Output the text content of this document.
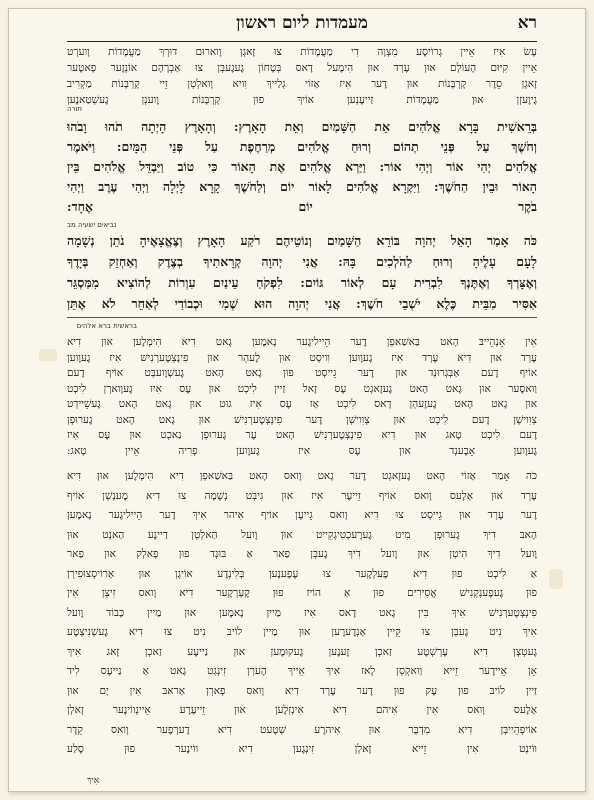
מעמדות ליום ראשון	רא
עָשׂ אִיז אֵיין גְרוֹיסֶע מִצְוָה דִי מַעֲמָדוֹת צוּ זָאגְן וָוארוּם דוּרְךְ מַעֲמָדוֹת וָוערְט
אֵיין קִיּוּם הָעוֹלָם אוּן עֶרְד אוּן הִימֶעל דָאס בְּטָחוֹן גֶעגֶעבְּן צוּ אַבְרָהָם אוֹנְזֶער פָאטֶער
זָאגְן סֵדֶר קָרְבָּנוֹת אוּן דֶער אִיז אַזוֹי גְלַייךְ וִויא וָואלְטְן זֵיי קָרְבָּנוֹת מַקְרִיב
גֶיוֶעזְן אוּן מַעֲמָדוֹת זַייעֶנְען אוֹיךְ פוּן קָרְבָּנוֹת וֶוענְן גֶעשְׁטַאנֶען
תורה
בְּרֵאשִׁית בָּרָא אֱלֹהִים אֵת הַשָּׁמַיִם וְאֵת הָאָרֶץ: וְהָאָרֶץ הָיְתָה תֹהוּ וָבֹהוּ
וְחֹשֶׁךְ עַל פְּנֵי תְהוֹם וְרוּחַ אֱלֹהִים מְרַחֶפֶת עַל פְּנֵי הַמָּיִם: וַיֹּאמֶר
אֱלֹהִים יְהִי אוֹר וַיְהִי אוֹר: וַיַּרְא אֱלֹהִים אֶת הָאוֹר כִּי טוֹב וַיַּבְדֵּל אֱלֹהִים בֵּין
הָאוֹר וּבֵין הַחֹשֶׁךְ: וַיִּקְרָא אֱלֹהִים לָאוֹר יוֹם וְלַחֹשֶׁךְ קָרָא לָיְלָה וַיְהִי עֶרֶב וַיְהִי
בֹקֶר יוֹם אֶחָד:
נביאים ישעיה מב
כֹּה אָמַר הָאֵל יְהוָה בּוֹרֵא הַשָּׁמַיִם וְנוֹטֵיהֶם רֹקַע הָאָרֶץ וְצֶאֱצָאֶיהָ נֹתֵן נְשָׁמָה
לָעָם עָלֶיהָ וְרוּחַ לַהֹלְכִים בָּהּ: אֲנִי יְהוָה קְרָאתִיךָ בְצֶדֶק וְאַחְזֵק בְּיָדֶךָ
וְאֶצָּרְךָ וְאֶתֶּנְךָ לִבְרִית עָם לְאוֹר גּוֹיִם: לִפְקֹחַ עֵינַיִם עִוְרוֹת לְהוֹצִיא מִמַּסְגֵּר
אַסִּיר מִבֵּית כֶּלֶא יֹשְׁבֵי חֹשֶׁךְ: אֲנִי יְהוָה הוּא שְׁמִי וּכְבוֹדִי לְאַחֵר לֹא אֶתֵּן
בראשית ברא אלהים
אִין אָנְהֵייבּ הָאט בַּאשַׁאפְן דֶער הֵייליגֶער נָאמֶען גָאט דִיא הִימְלֶען אוּן דִיא
עֶרְד אוּן דִיא עֶרְד אִיז גֶעוֶוען וִויסְט אוּן לֶעהְר אוּן פִינְצְטֶערְנִישׁ אִיז גֶעוֶוען
אוֹיף דֶעם אַבְּגְרוּנְד אוּן דֶער גֵייסְט פוּן גָאט הָאט גֶעשְׁוֶועבְּט אוֹיף דֶעם
וַואסֶער אוּן גָאט הָאט גֶעזָאגְט עֶס זָאל זַיין לִיכְט אוּן עֶס אִיז גֶעוָוארְן לִיכְט
אוּן גָאט הָאט גֶעזֶעהְן דָאס לִיכְט אַז עֶס אִיז גוּט אוּן גָאט הָאט גֶעשֵׁיידְט
צְוִוישְׁן דֶעם לִיכְט אוּן צְוִוישְׁן דֶער פִינְצְטֶערְנִישׁ אוּן גָאט הָאט גֶערוּפְן
דֶעם לִיכְט טָאג אוּן דִיא פִינְצְטֶערְנִישׁ הָאט עֶר גֶערוּפְן נַאכְט אוּן עֶס אִיז
גֶעוֶוען אָבֶענְד אוּן עֶס אִיז גֶעוֶוען פְרִיה אֵיין טָאג:
כֹּה אָמַר אַזוֹי הָאט גֶעזָאגְט דֶער גָאט וָואס הָאט בַּאשַׁאפְן דִיא הִימְלֶען אוּן דִיא
עֶרְד אוּן אַלֶעס וָואס אוֹיף זֵייעֶר אִיז אוּן גִיבְּט נְשָׁמָה צוּ דִיא מֶענְשְׁן אוֹיף
דֶער עֶרְד אוּן גֵייסְט צוּ דִיא וָואס גֵייעֶן אוֹיף אִיהר אִיךְ דֶער הֵייליגֶער נָאמֶען
הָאבּ דִיךְ גֶערוּפְן מִיט גֶערֶעכְטִיגְקֵייט אוּן וֶועל הַאלְטְן דַיינֶע הַאנְט אוּן
וֶועל דִיךְ הִיטְן אוּן וֶועל דִיךְ גֶעבְּן פַאר אַ בּוּנְד פוּן פָאלְק אוּן פַאר
אַ לִיכְט פוּן דִיא פֶעלְקֶער צוּ עֶפֶענֶען בְּלִינְדֶע אוֹיגְן אוּן אַרוֹיסְצוּפִירְן
פוּן גֶעפֶענְקְנִישׁ אֲסִירִים פוּן אַ הוֹיז פוּן קֶעְרְקֶער דִיא וָואס זִיצְן אִין
פִינְצְטֶערְנִישׁ אִיךְ בִּין גָאט דָאס אִיז מַיין נָאמֶען אוּן מַיין כָּבוֹד וֶועל
אִיךְ נִיט גֶעבְּן צוּ קֵיין אַנְדֶערֶען אוּן מַיין לוֹיבּ נִיט צוּ דִיא גֶעשְׁנִיצְטֶע
גֶעטְצְן דִיא עֶרְשְׁטֶע זַאכְן זֶענֶען גֶעקוּמֶען אוּן נַייעֶע זַאכְן זָאג אִיךְ
אָן אֵיידֶער זֵייא וַואקְסְן לָאז אִיךְ אֵייךְ הֶערְן זִינְגְט גָאט אַ נַייעֶס לִיד
זַיין לוֹיבּ פוּן עֶק פוּן דֶער עֶרְד דִיא וָואס פָארְן אַראבּ אִין יָם אוּן
אַלֶעס וָואס אִין אִיהם דִיא אִינְזְלֶען אוּן זֵייעֶרֶע אֵיינְווֹינֶער זָאלְן
אוֹיפְהֵייבְּן דִיא מִדְבָּר אוּן אִיהרֶע שְׁטֶעט דִיא דֶערְפֶער וָואס קֵדָר
ווֹינְט אִין זֵייא זָאלְן זִינְגֶען דִיא ווֹינֶער פוּן סֶלַע
אִיךְ
